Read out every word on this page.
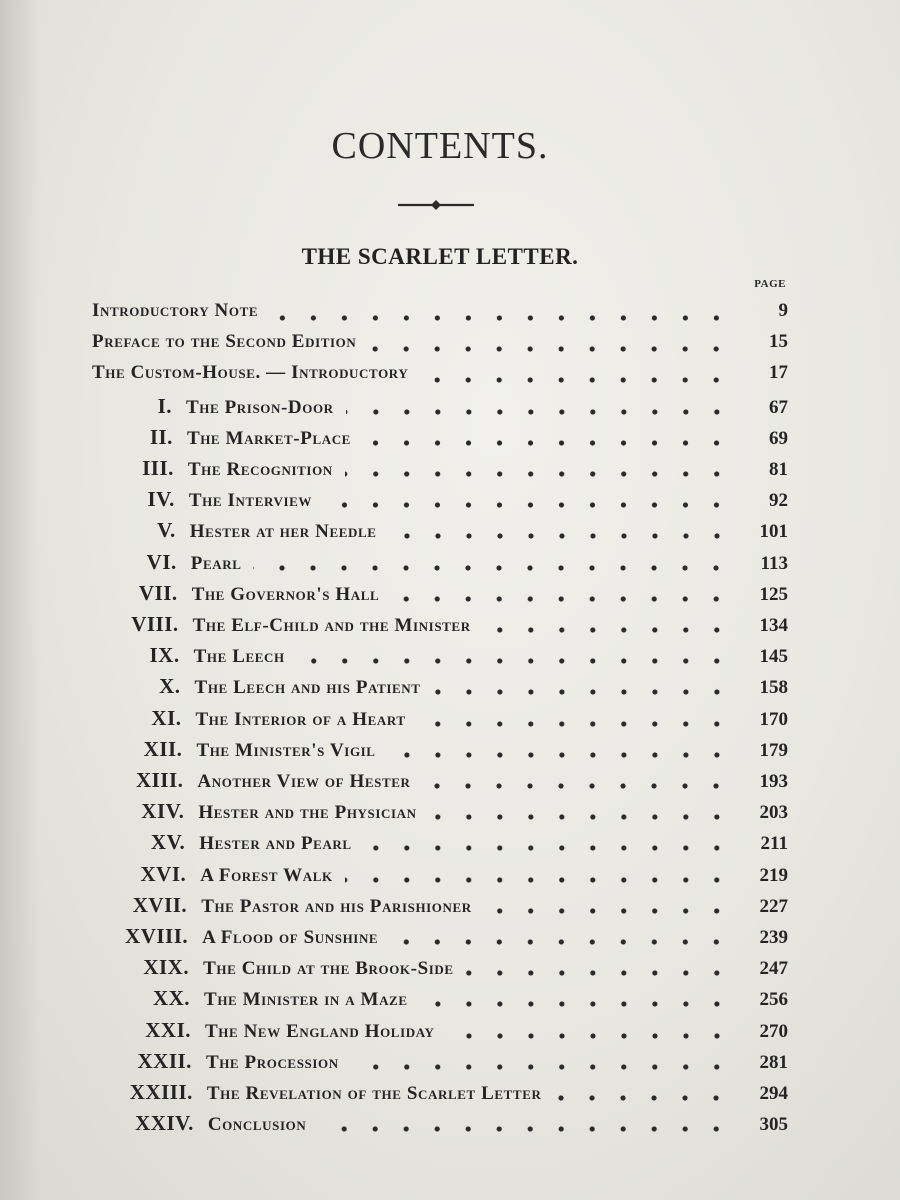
CONTENTS.
THE SCARLET LETTER.
PAGE
Introductory Note	9
Preface to the Second Edition	15
The Custom-House. — Introductory	17
I. The Prison-Door	67
II. The Market-Place	69
III. The Recognition	81
IV. The Interview	92
V. Hester at her Needle	101
VI. Pearl	113
VII. The Governor's Hall	125
VIII. The Elf-Child and the Minister	134
IX. The Leech	145
X. The Leech and his Patient	158
XI. The Interior of a Heart	170
XII. The Minister's Vigil	179
XIII. Another View of Hester	193
XIV. Hester and the Physician	203
XV. Hester and Pearl	211
XVI. A Forest Walk	219
XVII. The Pastor and his Parishioner	227
XVIII. A Flood of Sunshine	239
XIX. The Child at the Brook-Side	247
XX. The Minister in a Maze	256
XXI. The New England Holiday	270
XXII. The Procession	281
XXIII. The Revelation of the Scarlet Letter	294
XXIV. Conclusion	305
